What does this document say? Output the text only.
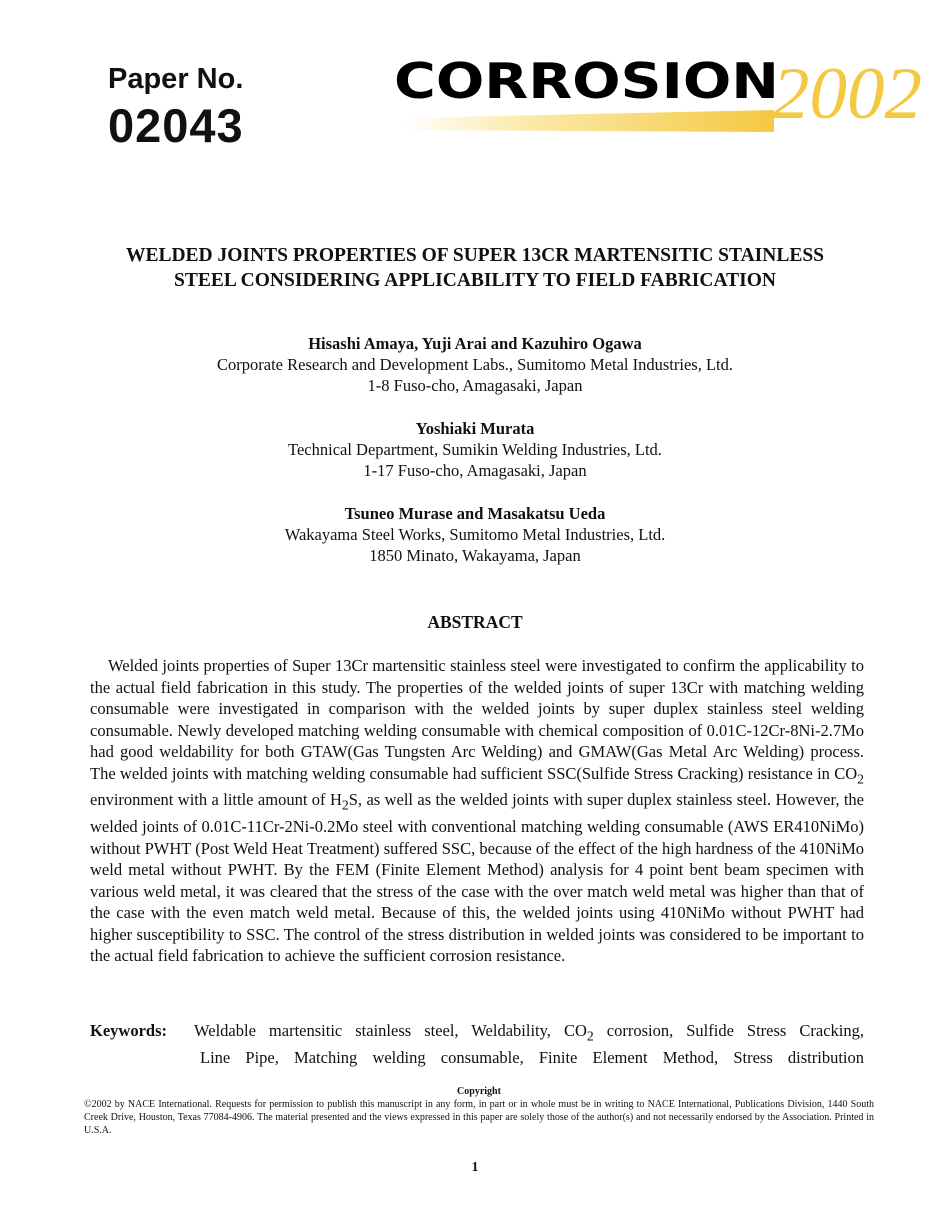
Paper No.
02043
CORROSION
2002
WELDED JOINTS PROPERTIES OF SUPER 13CR MARTENSITIC STAINLESS
STEEL CONSIDERING APPLICABILITY TO FIELD FABRICATION
Hisashi Amaya, Yuji Arai and Kazuhiro Ogawa
Corporate Research and Development Labs., Sumitomo Metal Industries, Ltd.
1-8 Fuso-cho, Amagasaki, Japan
Yoshiaki Murata
Technical Department, Sumikin Welding Industries, Ltd.
1-17 Fuso-cho, Amagasaki, Japan
Tsuneo Murase and Masakatsu Ueda
Wakayama Steel Works, Sumitomo Metal Industries, Ltd.
1850 Minato, Wakayama, Japan
ABSTRACT

Welded joints properties of Super 13Cr martensitic stainless steel were investigated to confirm the applicability to the actual field fabrication in this study. The properties of the welded joints of super 13Cr with matching welding consumable were investigated in comparison with the welded joints by super duplex stainless steel welding consumable. Newly developed matching welding consumable with chemical composition of 0.01C-12Cr-8Ni-2.7Mo had good weldability for both GTAW(Gas Tungsten Arc Welding) and GMAW(Gas Metal Arc Welding) process. The welded joints with matching welding consumable had sufficient SSC(Sulfide Stress Cracking) resistance in $CO_2$ environment with a little amount of $H_2S$, as well as the welded joints with super duplex stainless steel. However, the welded joints of 0.01C-11Cr-2Ni-0.2Mo steel with conventional matching welding consumable (AWS ER410NiMo) without PWHT (Post Weld Heat Treatment) suffered SSC, because of the effect of the high hardness of the 410NiMo weld metal without PWHT. By the FEM (Finite Element Method) analysis for 4 point bent beam specimen with various weld metal, it was cleared that the stress of the case with the over match weld metal was higher than that of the case with the even match weld metal. Because of this, the welded joints using 410NiMo without PWHT had higher susceptibility to SSC. The control of the stress distribution in welded joints was considered to be important to the actual field fabrication to achieve the sufficient corrosion resistance.

Keywords: Weldable martensitic stainless steel, Weldability, $CO_2$ corrosion, Sulfide Stress Cracking,
Line Pipe, Matching welding consumable, Finite Element Method, Stress distribution
Copyright
©2002 by NACE International. Requests for permission to publish this manuscript in any form, in part or in whole must be in writing to NACE International, Publications Division, 1440 South Creek Drive, Houston, Texas 77084-4906. The material presented and the views expressed in this paper are solely those of the author(s) and not necessarily endorsed by the Association. Printed in U.S.A.
1
